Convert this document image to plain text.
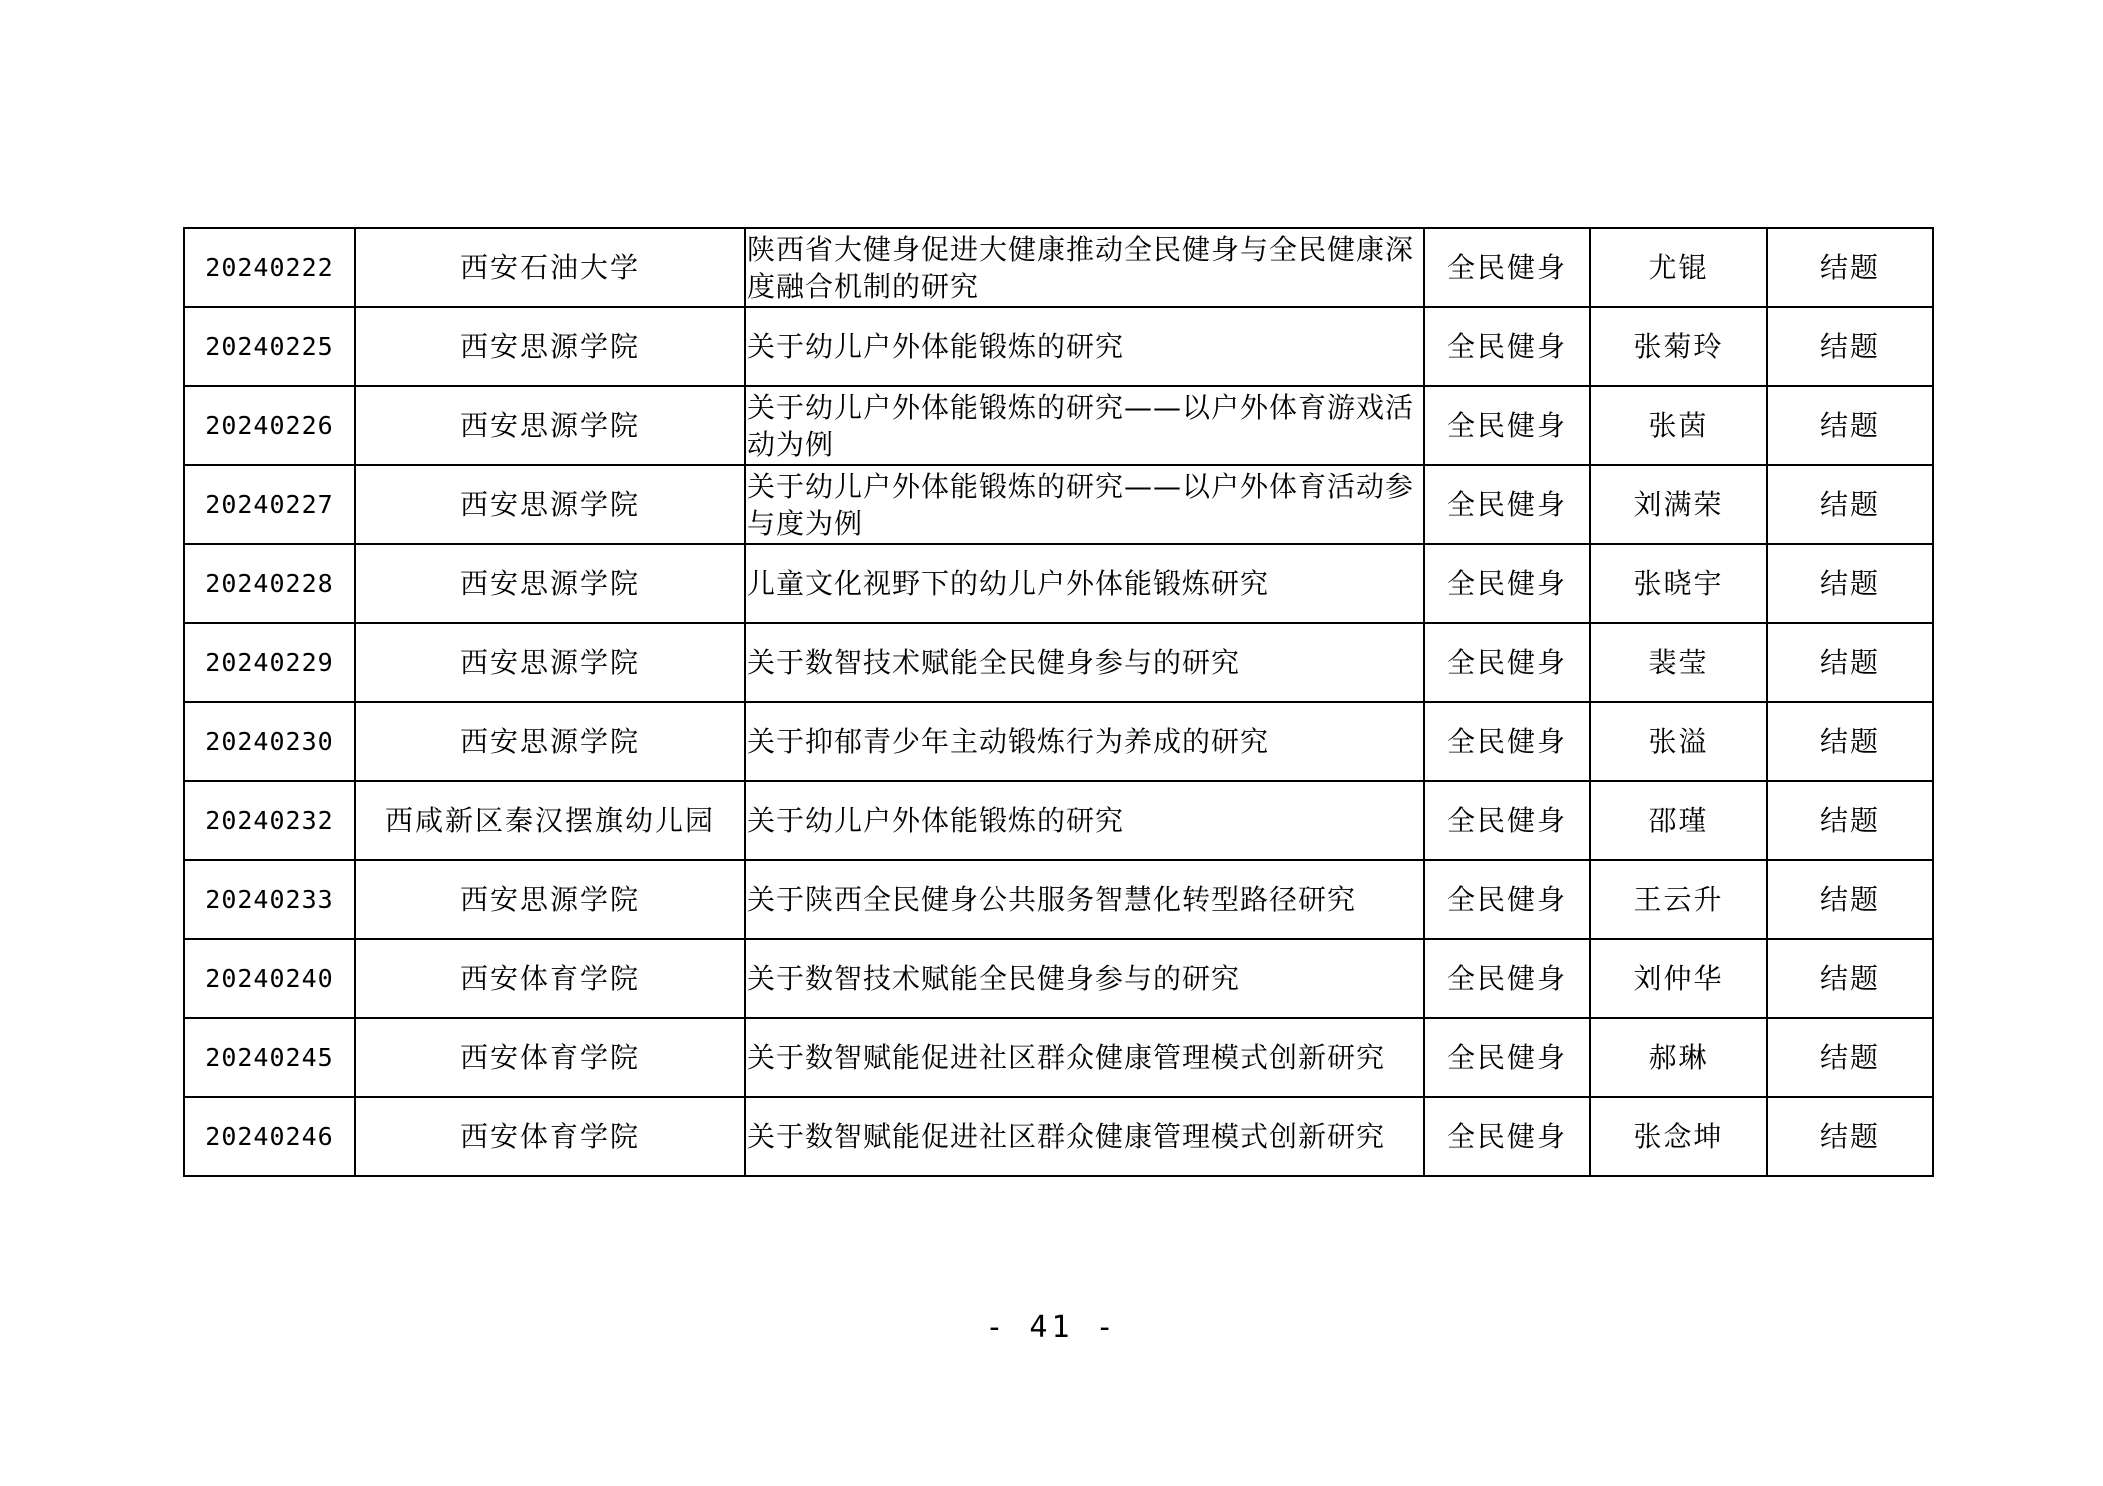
20240222	西安石油大学	陕西省大健身促进大健康推动全民健身与全民健康深度融合机制的研究	全民健身	尤锟	结题
20240225	西安思源学院	关于幼儿户外体能锻炼的研究	全民健身	张菊玲	结题
20240226	西安思源学院	关于幼儿户外体能锻炼的研究——以户外体育游戏活动为例	全民健身	张茵	结题
20240227	西安思源学院	关于幼儿户外体能锻炼的研究——以户外体育活动参与度为例	全民健身	刘满荣	结题
20240228	西安思源学院	儿童文化视野下的幼儿户外体能锻炼研究	全民健身	张晓宇	结题
20240229	西安思源学院	关于数智技术赋能全民健身参与的研究	全民健身	裴莹	结题
20240230	西安思源学院	关于抑郁青少年主动锻炼行为养成的研究	全民健身	张溢	结题
20240232	西咸新区秦汉摆旗幼儿园	关于幼儿户外体能锻炼的研究	全民健身	邵瑾	结题
20240233	西安思源学院	关于陕西全民健身公共服务智慧化转型路径研究	全民健身	王云升	结题
20240240	西安体育学院	关于数智技术赋能全民健身参与的研究	全民健身	刘仲华	结题
20240245	西安体育学院	关于数智赋能促进社区群众健康管理模式创新研究	全民健身	郝琳	结题
20240246	西安体育学院	关于数智赋能促进社区群众健康管理模式创新研究	全民健身	张念坤	结题
- 41 -
